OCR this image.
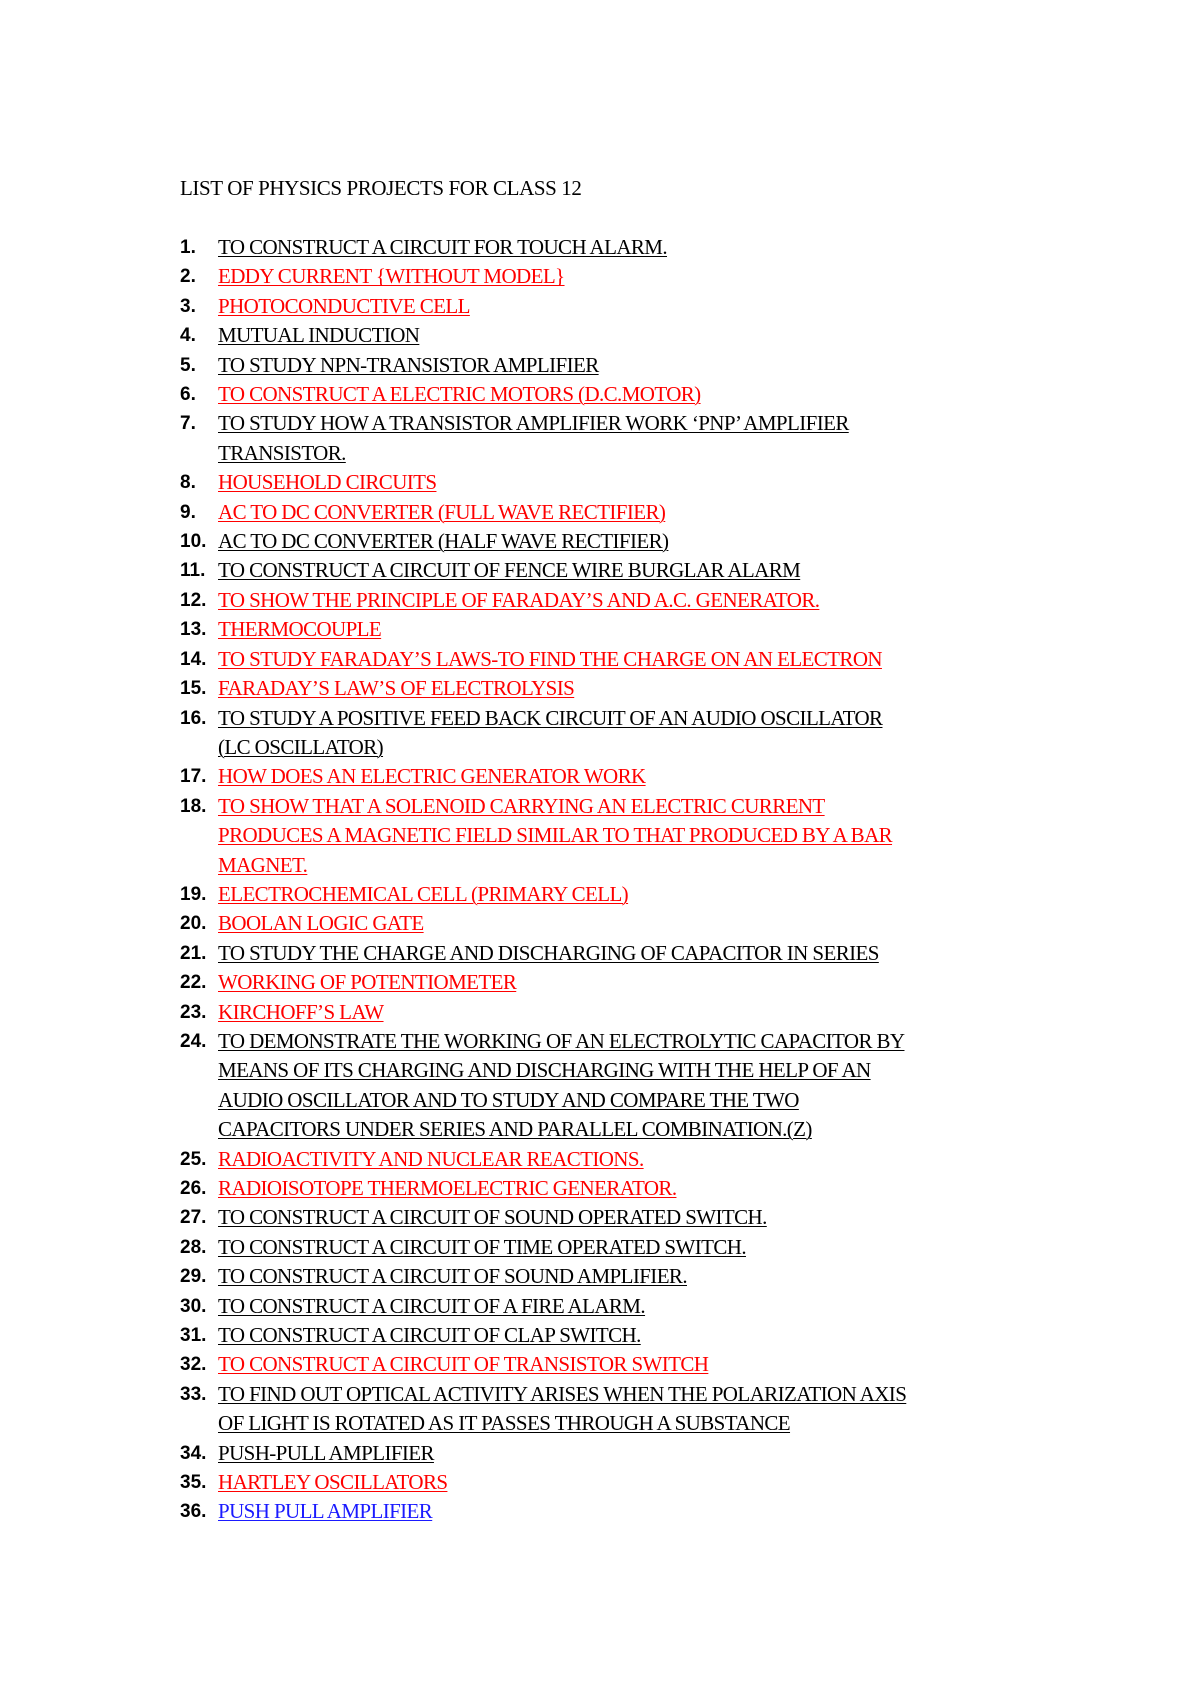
LIST OF PHYSICS PROJECTS FOR CLASS 12
1.	TO CONSTRUCT A CIRCUIT FOR TOUCH ALARM.
2.	EDDY CURRENT {WITHOUT MODEL}
3.	PHOTOCONDUCTIVE CELL
4.	MUTUAL INDUCTION
5.	TO STUDY NPN-TRANSISTOR AMPLIFIER
6.	TO CONSTRUCT A ELECTRIC MOTORS (D.C.MOTOR)
7.	TO STUDY HOW A TRANSISTOR AMPLIFIER WORK ‘PNP’ AMPLIFIER
TRANSISTOR.
8.	HOUSEHOLD CIRCUITS
9.	AC TO DC CONVERTER (FULL WAVE RECTIFIER)
10. AC TO DC CONVERTER (HALF WAVE RECTIFIER)
11. TO CONSTRUCT A CIRCUIT OF FENCE WIRE BURGLAR ALARM
12. TO SHOW THE PRINCIPLE OF FARADAY’S AND A.C. GENERATOR.
13. THERMOCOUPLE
14. TO STUDY FARADAY’S LAWS-TO FIND THE CHARGE ON AN ELECTRON
15. FARADAY’S LAW’S OF ELECTROLYSIS
16. TO STUDY A POSITIVE FEED BACK CIRCUIT OF AN AUDIO OSCILLATOR
(LC OSCILLATOR)
17. HOW DOES AN ELECTRIC GENERATOR WORK
18. TO SHOW THAT A SOLENOID CARRYING AN ELECTRIC CURRENT
PRODUCES A MAGNETIC FIELD SIMILAR TO THAT PRODUCED BY A BAR
MAGNET.
19. ELECTROCHEMICAL CELL (PRIMARY CELL)
20. BOOLAN LOGIC GATE
21. TO STUDY THE CHARGE AND DISCHARGING OF CAPACITOR IN SERIES
22. WORKING OF POTENTIOMETER
23. KIRCHOFF’S LAW
24. TO DEMONSTRATE THE WORKING OF AN ELECTROLYTIC CAPACITOR BY
MEANS OF ITS CHARGING AND DISCHARGING WITH THE HELP OF AN
AUDIO OSCILLATOR AND TO STUDY AND COMPARE THE TWO
CAPACITORS UNDER SERIES AND PARALLEL COMBINATION.(Z)
25. RADIOACTIVITY AND NUCLEAR REACTIONS.
26. RADIOISOTOPE THERMOELECTRIC GENERATOR.
27. TO CONSTRUCT A CIRCUIT OF SOUND OPERATED SWITCH.
28. TO CONSTRUCT A CIRCUIT OF TIME OPERATED SWITCH.
29. TO CONSTRUCT A CIRCUIT OF SOUND AMPLIFIER.
30. TO CONSTRUCT A CIRCUIT OF A FIRE ALARM.
31. TO CONSTRUCT A CIRCUIT OF CLAP SWITCH.
32. TO CONSTRUCT A CIRCUIT OF TRANSISTOR SWITCH
33. TO FIND OUT OPTICAL ACTIVITY ARISES WHEN THE POLARIZATION AXIS
OF LIGHT IS ROTATED AS IT PASSES THROUGH A SUBSTANCE
34. PUSH-PULL AMPLIFIER
35. HARTLEY OSCILLATORS
36. PUSH PULL AMPLIFIER
